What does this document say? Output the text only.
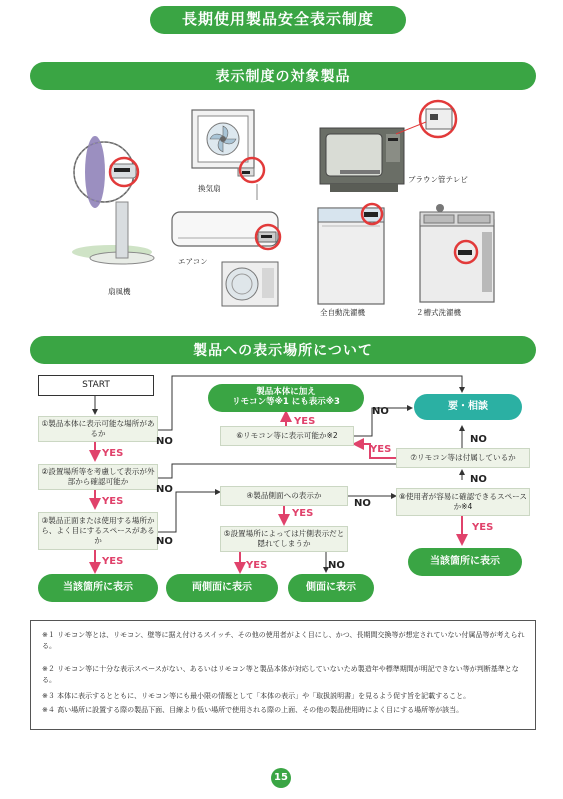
長期使用製品安全表示制度
表示制度の対象製品
扇風機
換気扇
ブラウン管テレビ
エアコン
全自動洗濯機	２槽式洗濯機
製品への表示場所について
START
①製品本体に表示可能な場所があるか
②設置場所等を考慮して表示が外部から確認可能か
③製品正面または使用する場所から、よく目にするスペースがあるか
④製品側面への表示か
⑤設置場所によっては片側表示だと隠れてしまうか
⑥リモコン等に表示可能か※2
⑦リモコン等は付属しているか
⑧使用者が容易に確認できるスペースか※4
製品本体に加え
リモコン等※1 にも表示※3	要・相談
当該箇所に表示	両側面に表示	側面に表示
当該箇所に表示
YES
YES
YES
NO
NO
NO
YES
NO
YES	NO
YES
NO
YES
NO
NO
YES
※１ リモコン等とは、リモコン、壁等に据え付けるスイッチ、その他の使用者がよく目にし、かつ、長期間交換等が想定されていない付属品等が考えられる。
※２ リモコン等に十分な表示スペースがない、あるいはリモコン等と製品本体が対応していないため製造年や標準期間が明記できない等が判断基準となる。
※３ 本体に表示するとともに、リモコン等にも最小限の情報として「本体の表示」や「取扱説明書」を見るよう促す旨を記載すること。
※４ 高い場所に設置する際の製品下面、目線より低い場所で使用される際の上面、その他の製品使用時によく目にする場所等が該当。
15
